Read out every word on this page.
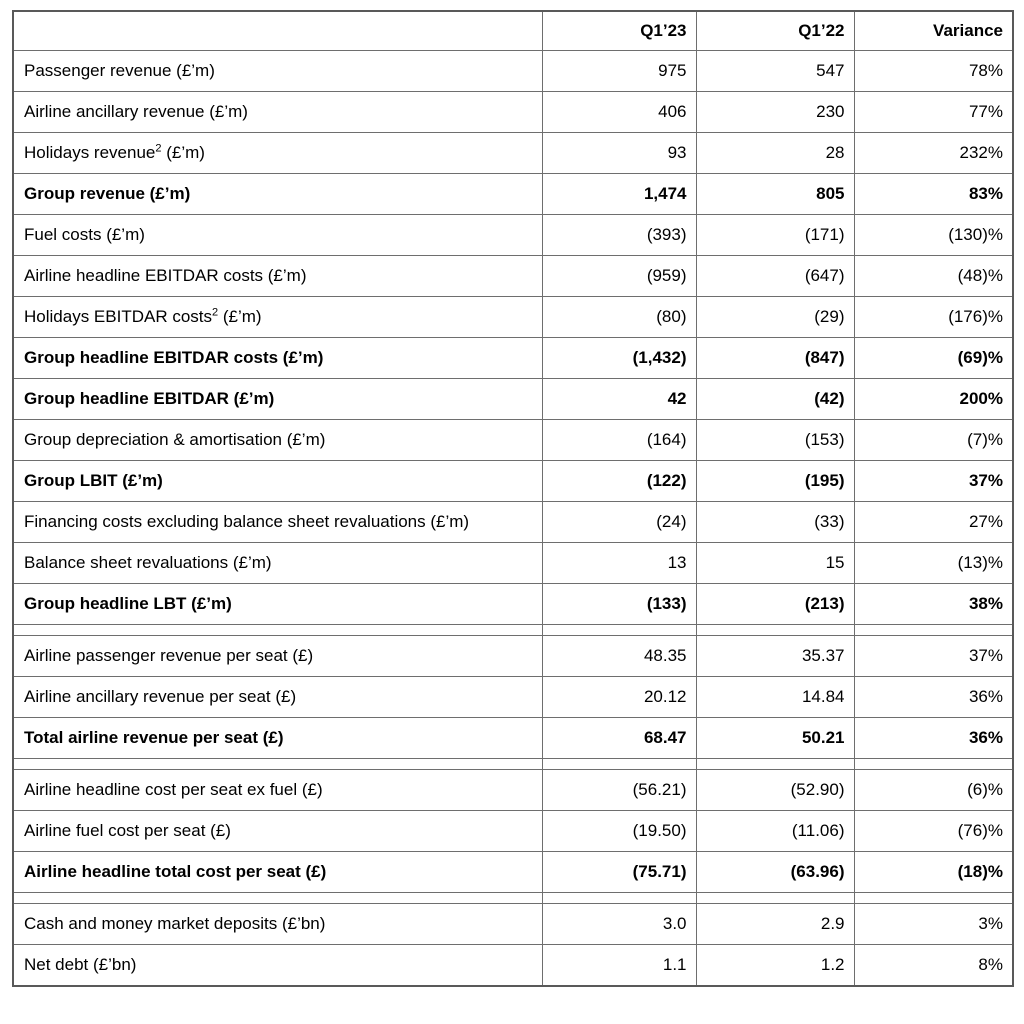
	Q1’23	Q1’22	Variance
Passenger revenue (£’m)	975	547	78%
Airline ancillary revenue (£’m)	406	230	77%
Holidays revenue$^2$ (£’m)	93	28	232%
Group revenue (£’m)	1,474	805	83%
Fuel costs (£’m)	(393)	(171)	(130)%
Airline headline EBITDAR costs (£’m)	(959)	(647)	(48)%
Holidays EBITDAR costs$^2$ (£’m)	(80)	(29)	(176)%
Group headline EBITDAR costs (£’m)	(1,432)	(847)	(69)%
Group headline EBITDAR (£’m)	42	(42)	200%
Group depreciation & amortisation (£’m)	(164)	(153)	(7)%
Group LBIT (£’m)	(122)	(195)	37%
Financing costs excluding balance sheet revaluations (£’m)	(24)	(33)	27%
Balance sheet revaluations (£’m)	13	15	(13)%
Group headline LBT (£’m)	(133)	(213)	38%

Airline passenger revenue per seat (£)	48.35	35.37	37%
Airline ancillary revenue per seat (£)	20.12	14.84	36%
Total airline revenue per seat (£)	68.47	50.21	36%

Airline headline cost per seat ex fuel (£)	(56.21)	(52.90)	(6)%
Airline fuel cost per seat (£)	(19.50)	(11.06)	(76)%
Airline headline total cost per seat (£)	(75.71)	(63.96)	(18)%

Cash and money market deposits (£’bn)	3.0	2.9	3%
Net debt (£’bn)	1.1	1.2	8%
